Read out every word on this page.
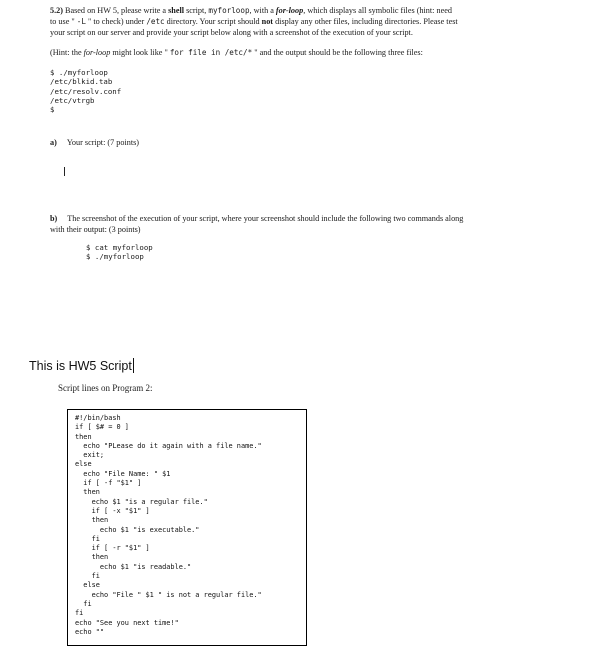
5.2) Based on HW 5, please write a shell script, myforloop, with a for-loop, which displays all symbolic files (hint: need
to use " -L " to check) under /etc directory. Your script should not display any other files, including directories. Please test
your script on our server and provide your script below along with a screenshot of the execution of your script.
(Hint: the for-loop might look like " for file in /etc/* " and the output should be the following three files:
$ ./myforloop
/etc/blkid.tab
/etc/resolv.conf
/etc/vtrgb
$
a) Your script: (7 points)
b) The screenshot of the execution of your script, where your screenshot should include the following two commands along
with their output: (3 points)
$ cat myforloop
$ ./myforloop
This is HW5 Script
Script lines on Program 2:
#!/bin/bash
if [ $# = 0 ]
then
echo "PLease do it again with a file name."
exit;
else
echo "File Name: " $1
if [ -f "$1" ]
then
echo $1 "is a regular file."
if [ -x "$1" ]
then
echo $1 "is executable."
fi
if [ -r "$1" ]
then
echo $1 "is readable."
fi
else
echo "File " $1 " is not a regular file."
fi
fi
echo "See you next time!"
echo ""
